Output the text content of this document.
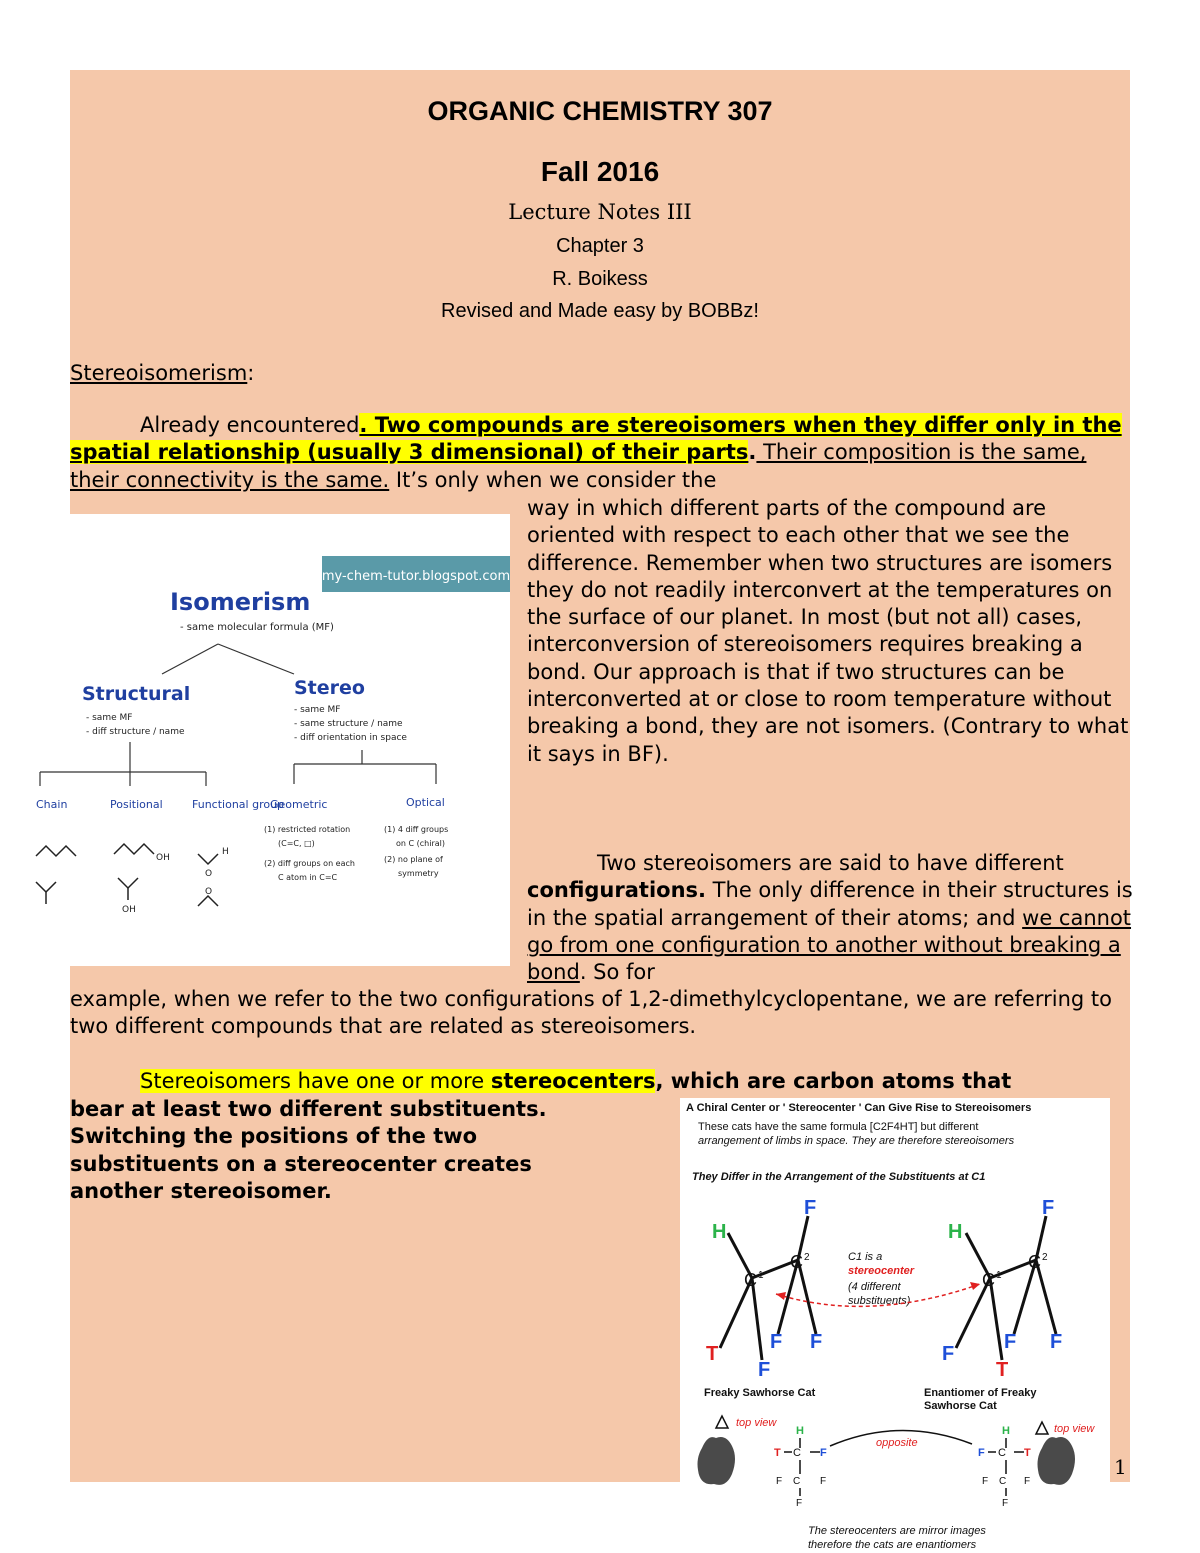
ORGANIC CHEMISTRY 307
Fall 2016
Lecture Notes III
Chapter 3
R. Boikess
Revised and Made easy by BOBBz!
Stereoisomerism:

Already encountered. Two compounds are stereoisomers when they differ only in the spatial relationship (usually 3 dimensional) of their parts. Their composition is the same, their connectivity is the same. It’s only when we consider the

way in which different parts of the compound are oriented with respect to each other that we see the difference. Remember when two structures are isomers they do not readily interconvert at the temperatures on the surface of our planet. In most (but not all) cases, interconversion of stereoisomers requires breaking a bond. Our approach is that if two structures can be interconverted at or close to room temperature without breaking a bond, they are not isomers. (Contrary to what it says in BF).

Two stereoisomers are said to have different configurations. The only difference in their structures is in the spatial arrangement of their atoms; and we cannot go from one configuration to another without breaking a bond. So for

example, when we refer to the two configurations of 1,2-dimethylcyclopentane, we are referring to two different compounds that are related as stereoisomers.

Stereoisomers have one or more stereocenters, which are carbon atoms that

bear at least two different substituents. Switching the positions of the two substituents on a stereocenter creates another stereoisomer.

my-chem-tutor.blogspot.com
Isomerism
- same molecular formula (MF)
Structural
- same MF
- diff structure / name
Stereo
- same MF
- same structure / name
- diff orientation in space
Chain	Positional	Functional group
Geometric	Optical
(1) restricted rotation
(C=C, □)
(2) diff groups on each
C atom in C=C
(1) 4 diff groups
on C (chiral)
(2) no plane of
symmetry
OH
OH
H
O
O
A Chiral Center or ' Stereocenter ' Can Give Rise to Stereoisomers
These cats have the same formula [C2F4HT] but different
arrangement of limbs in space. They are therefore stereoisomers
They Differ in the Arrangement of the Substituents at C1
H
F
C 1
C 2
T
F
F F
C1 is a
stereocenter
(4 different
substituents)
H
F
C 1
C 2
F
T
F F
Freaky Sawhorse Cat	Enantiomer of Freaky
Sawhorse Cat
top view	top view
H
T C F
F C F
F
opposite
H
F C T
F C F
F
The stereocenters are mirror images
therefore the cats are enantiomers
1
